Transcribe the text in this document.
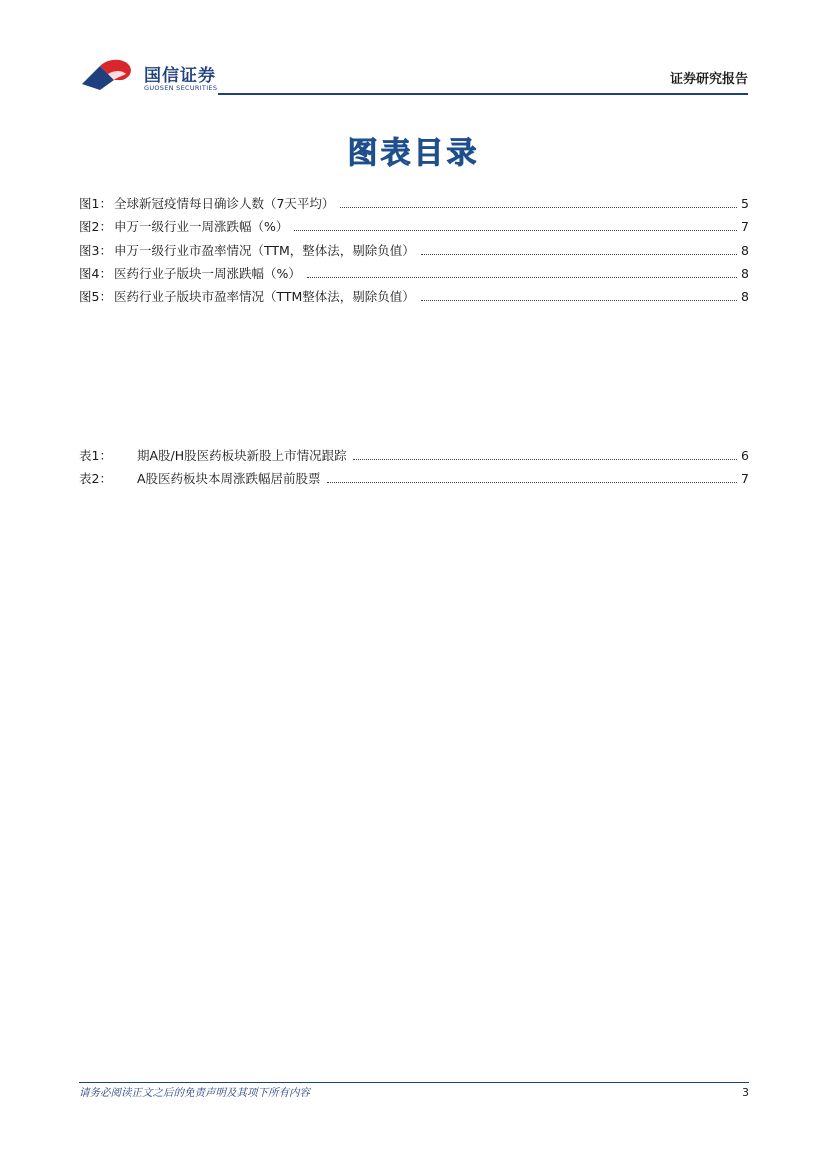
国信证券
GUOSEN SECURITIES
证券研究报告
图表目录
图1： 全球新冠疫情每日确诊人数（7天平均）	5
图2： 申万一级行业一周涨跌幅（%）	7
图3： 申万一级行业市盈率情况（TTM，整体法，剔除负值）	8
图4： 医药行业子版块一周涨跌幅（%）	8
图5： 医药行业子版块市盈率情况（TTM整体法，剔除负值）	8
表1：	期A股/H股医药板块新股上市情况跟踪	6
表2：	A股医药板块本周涨跌幅居前股票	7
请务必阅读正文之后的免责声明及其项下所有内容	3
